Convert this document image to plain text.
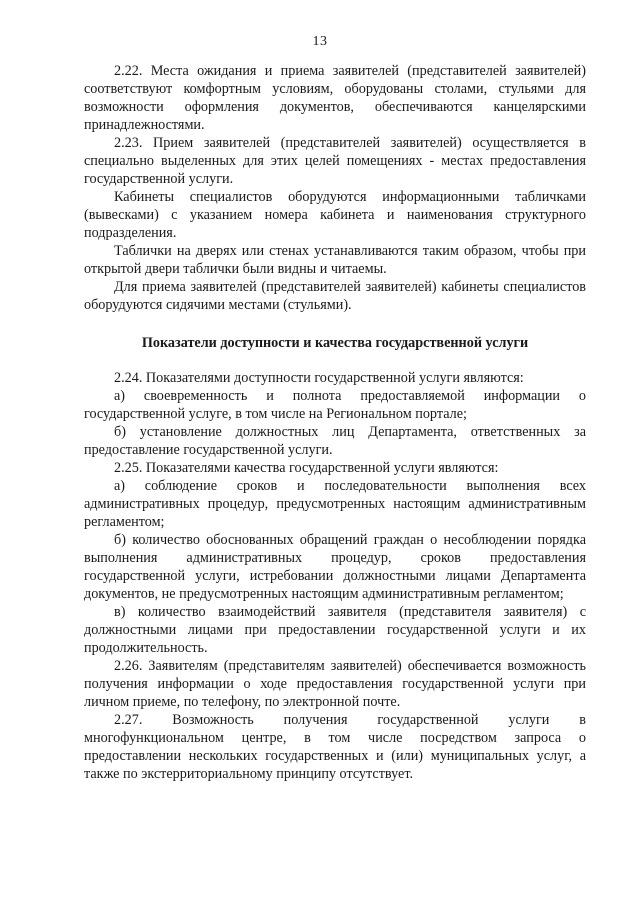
13

2.22. Места ожидания и приема заявителей (представителей заявителей) соответствуют комфортным условиям, оборудованы столами, стульями для возможности оформления документов, обеспечиваются канцелярскими принадлежностями.

2.23. Прием заявителей (представителей заявителей) осуществляется в специально выделенных для этих целей помещениях - местах предоставления государственной услуги.

Кабинеты специалистов оборудуются информационными табличками (вывесками) с указанием номера кабинета и наименования структурного подразделения.

Таблички на дверях или стенах устанавливаются таким образом, чтобы при открытой двери таблички были видны и читаемы.

Для приема заявителей (представителей заявителей) кабинеты специалистов оборудуются сидячими местами (стульями).

Показатели доступности и качества государственной услуги

2.24. Показателями доступности государственной услуги являются:

а) своевременность и полнота предоставляемой информации о государственной услуге, в том числе на Региональном портале;

б) установление должностных лиц Департамента, ответственных за предоставление государственной услуги.

2.25. Показателями качества государственной услуги являются:

а) соблюдение сроков и последовательности выполнения всех административных процедур, предусмотренных настоящим административным регламентом;

б) количество обоснованных обращений граждан о несоблюдении порядка выполнения административных процедур, сроков предоставления государственной услуги, истребовании должностными лицами Департамента документов, не предусмотренных настоящим административным регламентом;

в) количество взаимодействий заявителя (представителя заявителя) с должностными лицами при предоставлении государственной услуги и их продолжительность.

2.26. Заявителям (представителям заявителей) обеспечивается возможность получения информации о ходе предоставления государственной услуги при личном приеме, по телефону, по электронной почте.

2.27. Возможность получения государственной услуги в многофункциональном центре, в том числе посредством запроса о предоставлении нескольких государственных и (или) муниципальных услуг, а также по экстерриториальному принципу отсутствует.
